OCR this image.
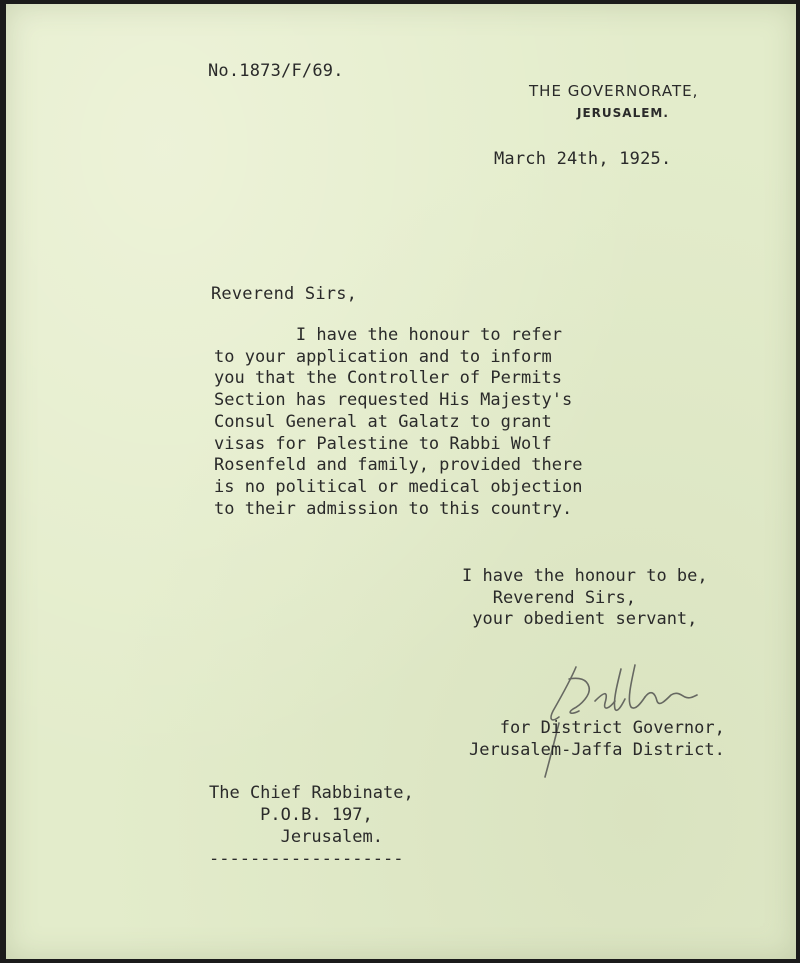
No.1873/F/69.
THE GOVERNORATE,
JERUSALEM.
March 24th, 1925.
Reverend Sirs,
I have the honour to refer
to your application and to inform
you that the Controller of Permits
Section has requested His Majesty's
Consul General at Galatz to grant
visas for Palestine to Rabbi Wolf
Rosenfeld and family, provided there
is no political or medical objection
to their admission to this country.
I have the honour to be,
Reverend Sirs,
your obedient servant,
for District Governor,
Jerusalem-Jaffa District.
The Chief Rabbinate,
P.O.B. 197,
Jerusalem.
-------------------
